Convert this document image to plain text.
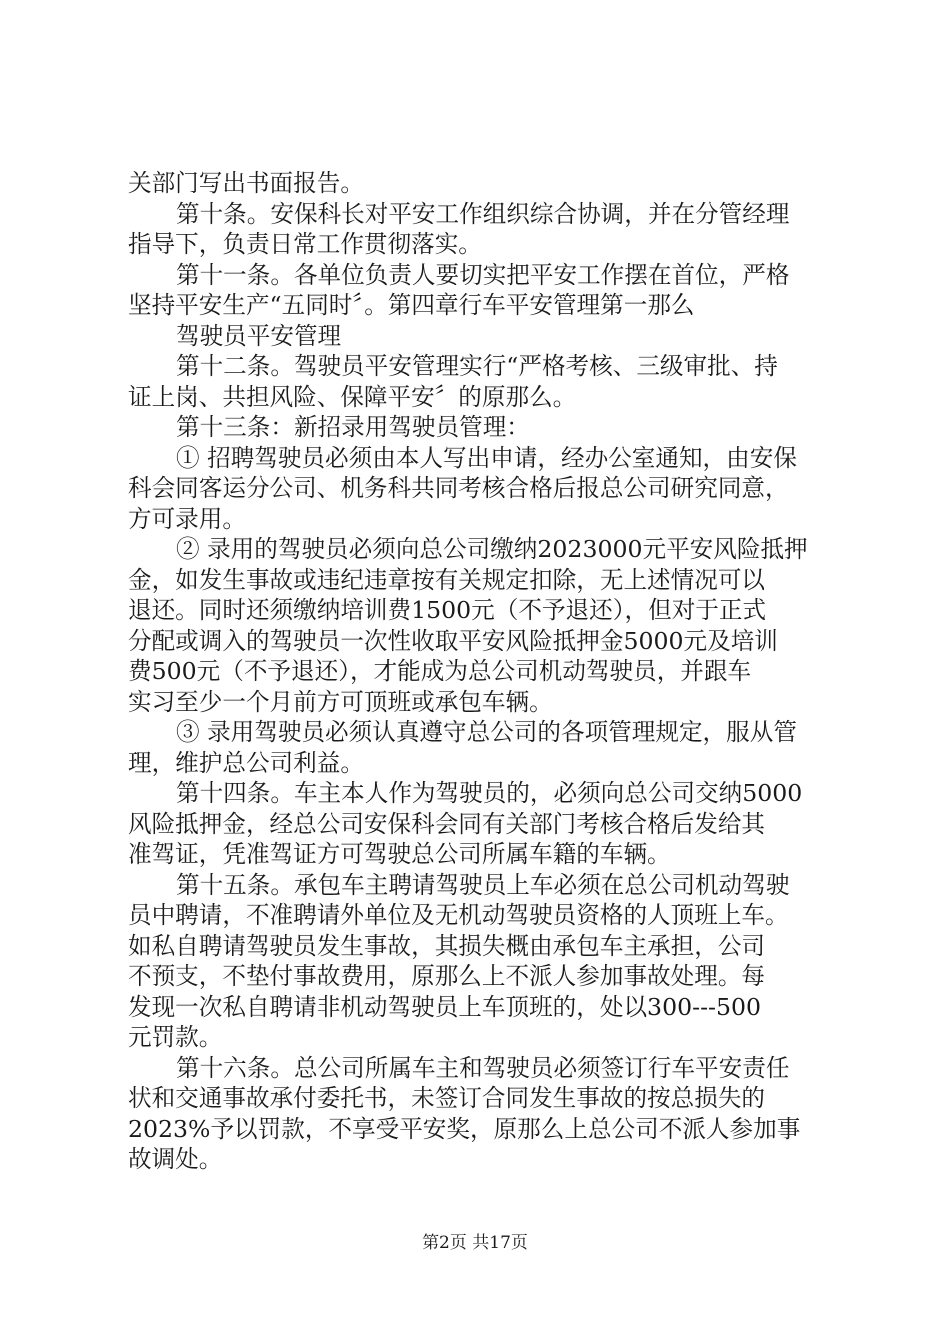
关部门写出书面报告。
第十条。安保科长对平安工作组织综合协调，并在分管经理
指导下，负责日常工作贯彻落实。
第十一条。各单位负责人要切实把平安工作摆在首位，严格
坚持平安生产“五同时〞。第四章行车平安管理第一那么
驾驶员平安管理
第十二条。驾驶员平安管理实行“严格考核、三级审批、持
证上岗、共担风险、保障平安〞的原那么。
第十三条：新招录用驾驶员管理：
① 招聘驾驶员必须由本人写出申请，经办公室通知，由安保
科会同客运分公司、机务科共同考核合格后报总公司研究同意，
方可录用。
② 录用的驾驶员必须向总公司缴纳2023000元平安风险抵押
金，如发生事故或违纪违章按有关规定扣除，无上述情况可以
退还。同时还须缴纳培训费1500元（不予退还），但对于正式
分配或调入的驾驶员一次性收取平安风险抵押金5000元及培训
费500元（不予退还），才能成为总公司机动驾驶员，并跟车
实习至少一个月前方可顶班或承包车辆。
③ 录用驾驶员必须认真遵守总公司的各项管理规定，服从管
理，维护总公司利益。
第十四条。车主本人作为驾驶员的，必须向总公司交纳5000
风险抵押金，经总公司安保科会同有关部门考核合格后发给其
准驾证，凭准驾证方可驾驶总公司所属车籍的车辆。
第十五条。承包车主聘请驾驶员上车必须在总公司机动驾驶
员中聘请，不准聘请外单位及无机动驾驶员资格的人顶班上车。
如私自聘请驾驶员发生事故，其损失概由承包车主承担，公司
不预支，不垫付事故费用，原那么上不派人参加事故处理。每
发现一次私自聘请非机动驾驶员上车顶班的，处以300---500
元罚款。
第十六条。总公司所属车主和驾驶员必须签订行车平安责任
状和交通事故承付委托书，未签订合同发生事故的按总损失的
2023%予以罚款，不享受平安奖，原那么上总公司不派人参加事
故调处。
第2页 共17页
